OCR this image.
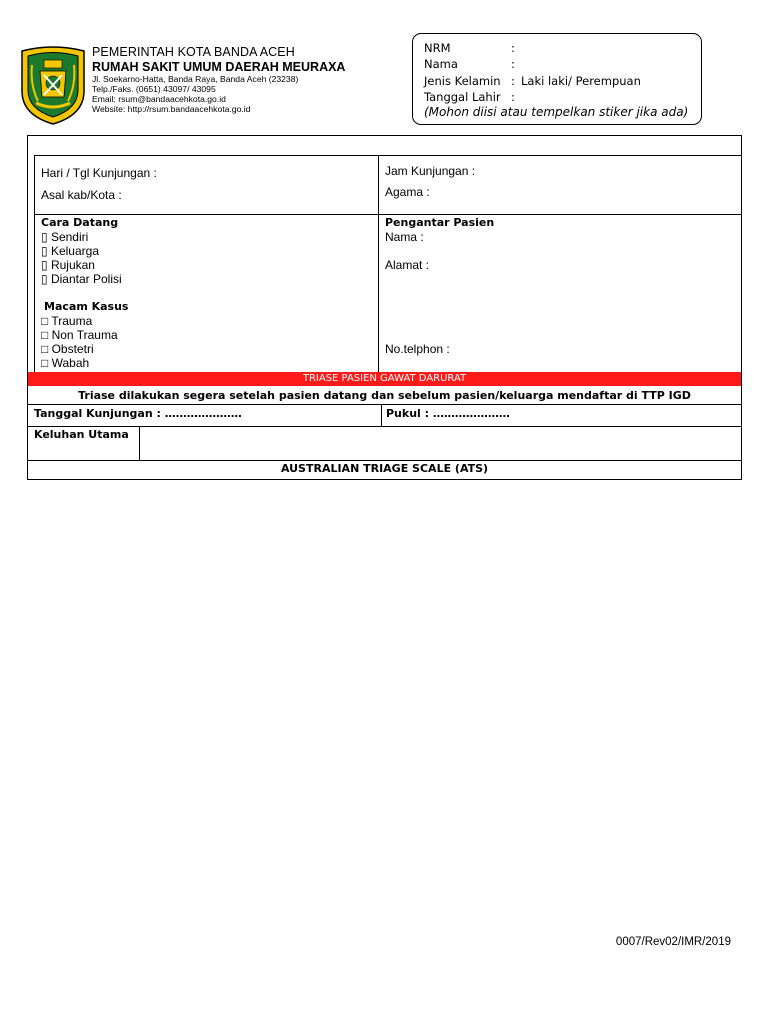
PEMERINTAH KOTA BANDA ACEH
RUMAH SAKIT UMUM DAERAH MEURAXA
Jl. Soekarno-Hatta, Banda Raya, Banda Aceh (23238)
Telp./Faks. (0651) 43097/ 43095
Email: rsum@bandaacehkota.go.id
Website: http://rsum.bandaacehkota.go.id
NRM	:
Nama	:
Jenis Kelamin : Laki laki/ Perempuan
Tanggal Lahir :
(Mohon diisi atau tempelkan stiker jika ada)
Hari / Tgl Kunjungan :
Asal kab/Kota :
Jam Kunjungan :
Agama :
Cara Datang
▯ Sendiri
▯ Keluarga
▯ Rujukan
▯ Diantar Polisi
Macam Kasus
□ Trauma
□ Non Trauma
□ Obstetri
□ Wabah
Pengantar Pasien
Nama :
Alamat :
No.telphon :
TRIASE PASIEN GAWAT DARURAT
Triase dilakukan segera setelah pasien datang dan sebelum pasien/keluarga mendaftar di TTP IGD
Tanggal Kunjungan : …………………	Pukul : …………………
Keluhan Utama
AUSTRALIAN TRIAGE SCALE (ATS)
0007/Rev02/IMR/2019
